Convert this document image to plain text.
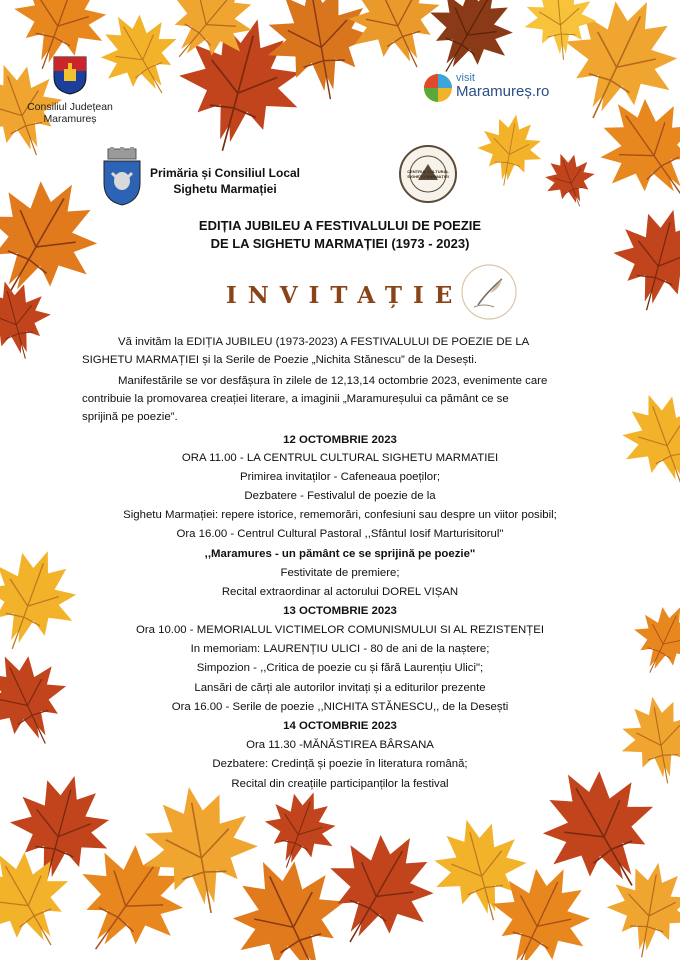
Consiliul Județean
Maramureș
visit
Maramureș.ro
Primăria și Consiliul Local
Sighetu Marmației
CENTRUL CULTURAL SIGHETU MARMAȚIEI
EDIȚIA JUBILEU A FESTIVALULUI DE POEZIE
DE LA SIGHETU MARMAȚIEI (1973 - 2023)
INVITAȚIE
Vă invităm la EDIȚIA JUBILEU (1973-2023) A FESTIVALULUI DE POEZIE DE LA
SIGHETU MARMAȚIEI și la Serile de Poezie „Nichita Stănescu” de la Desești.
Manifestările se vor desfășura în zilele de 12,13,14 octombrie 2023, evenimente care
contribuie la promovarea creației literare, a imaginii „Maramureșului ca pământ ce se
sprijină pe poezie”.
12 OCTOMBRIE 2023
ORA 11.00 - LA CENTRUL CULTURAL SIGHETU MARMATIEI
Primirea invitaților - Cafeneaua poeților;
Dezbatere - Festivalul de poezie de la
Sighetu Marmației: repere istorice, rememorări, confesiuni sau despre un viitor posibil;
Ora 16.00 - Centrul Cultural Pastoral ,,Sfântul Iosif Marturisitorul"
,,Maramures - un pământ ce se sprijină pe poezie"
Festivitate de premiere;
Recital extraordinar al actorului DOREL VIȘAN
13 OCTOMBRIE 2023
Ora 10.00 - MEMORIALUL VICTIMELOR COMUNISMULUI SI AL REZISTENȚEI
In memoriam: LAURENȚIU ULICI - 80 de ani de la naștere;
Simpozion - ,,Critica de poezie cu și fără Laurențiu Ulici";
Lansări de cărți ale autorilor invitați și a editurilor prezente
Ora 16.00 - Serile de poezie ,,NICHITA STĂNESCU,, de la Desești
14 OCTOMBRIE 2023
Ora 11.30 -MĂNĂSTIREA BÂRSANA
Dezbatere: Credință și poezie în literatura română;
Recital din creațiile participanților la festival
